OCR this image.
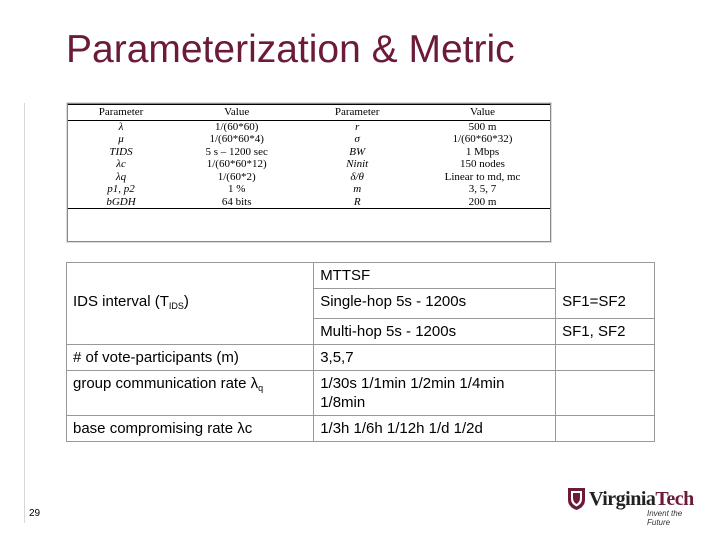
Parameterization & Metric
Parameter	Value	Parameter	Value
λ	1/(60*60)	r	500 m
μ	1/(60*60*4)	σ	1/(60*60*32)
TIDS	5 s – 1200 sec	BW	1 Mbps
λc	1/(60*60*12)	Ninit	150 nodes
λq	1/(60*2)	δ/θ	Linear to md, mc
p1, p2	1 %	m	3, 5, 7
bGDH	64 bits	R	200 m
	MTTSF	
IDS interval $(T_{IDS})$	Single-hop 5s - 1200s	SF1=SF2
	Multi-hop 5s - 1200s	SF1, SF2
# of vote-participants (m)	3,5,7	
group communication rate $\lambda_q$	1/30s 1/1min 1/2min 1/4min 1/8min	
base compromising rate λc	1/3h 1/6h 1/12h 1/d 1/2d	
29
VirginiaTech
Invent the Future
